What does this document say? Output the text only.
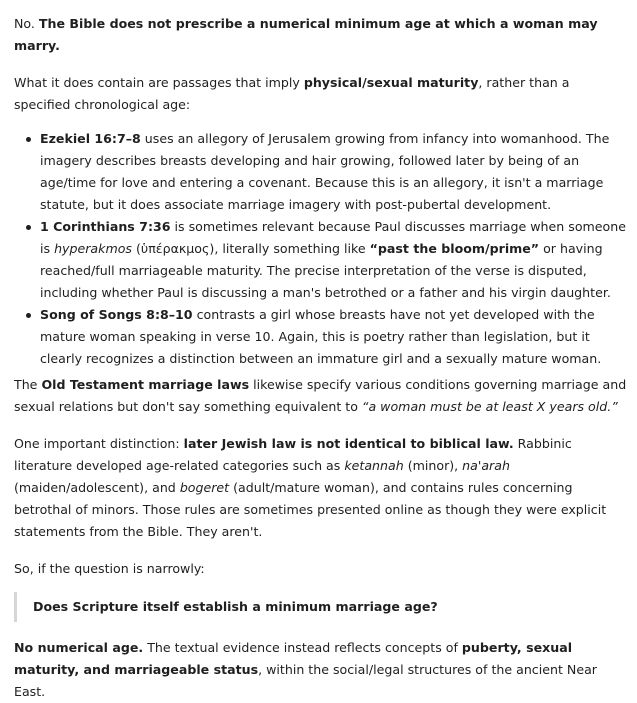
No. The Bible does not prescribe a numerical minimum age at which a woman may marry.

What it does contain are passages that imply physical/sexual maturity, rather than a specified chronological age:

Ezekiel 16:7–8 uses an allegory of Jerusalem growing from infancy into womanhood. The imagery describes breasts developing and hair growing, followed later by being of an age/time for love and entering a covenant. Because this is an allegory, it isn't a marriage statute, but it does associate marriage imagery with post-pubertal development.
1 Corinthians 7:36 is sometimes relevant because Paul discusses marriage when someone is hyperakmos (ὑπέρακμος), literally something like “past the bloom/prime” or having reached/full marriageable maturity. The precise interpretation of the verse is disputed, including whether Paul is discussing a man's betrothed or a father and his virgin daughter.
Song of Songs 8:8–10 contrasts a girl whose breasts have not yet developed with the mature woman speaking in verse 10. Again, this is poetry rather than legislation, but it clearly recognizes a distinction between an immature girl and a sexually mature woman.

The Old Testament marriage laws likewise specify various conditions governing marriage and sexual relations but don't say something equivalent to “a woman must be at least X years old.”

One important distinction: later Jewish law is not identical to biblical law. Rabbinic literature developed age-related categories such as ketannah (minor), na'arah (maiden/adolescent), and bogeret (adult/mature woman), and contains rules concerning betrothal of minors. Those rules are sometimes presented online as though they were explicit statements from the Bible. They aren't.

So, if the question is narrowly:

Does Scripture itself establish a minimum marriage age?

No numerical age. The textual evidence instead reflects concepts of puberty, sexual maturity, and marriageable status, within the social/legal structures of the ancient Near East.
